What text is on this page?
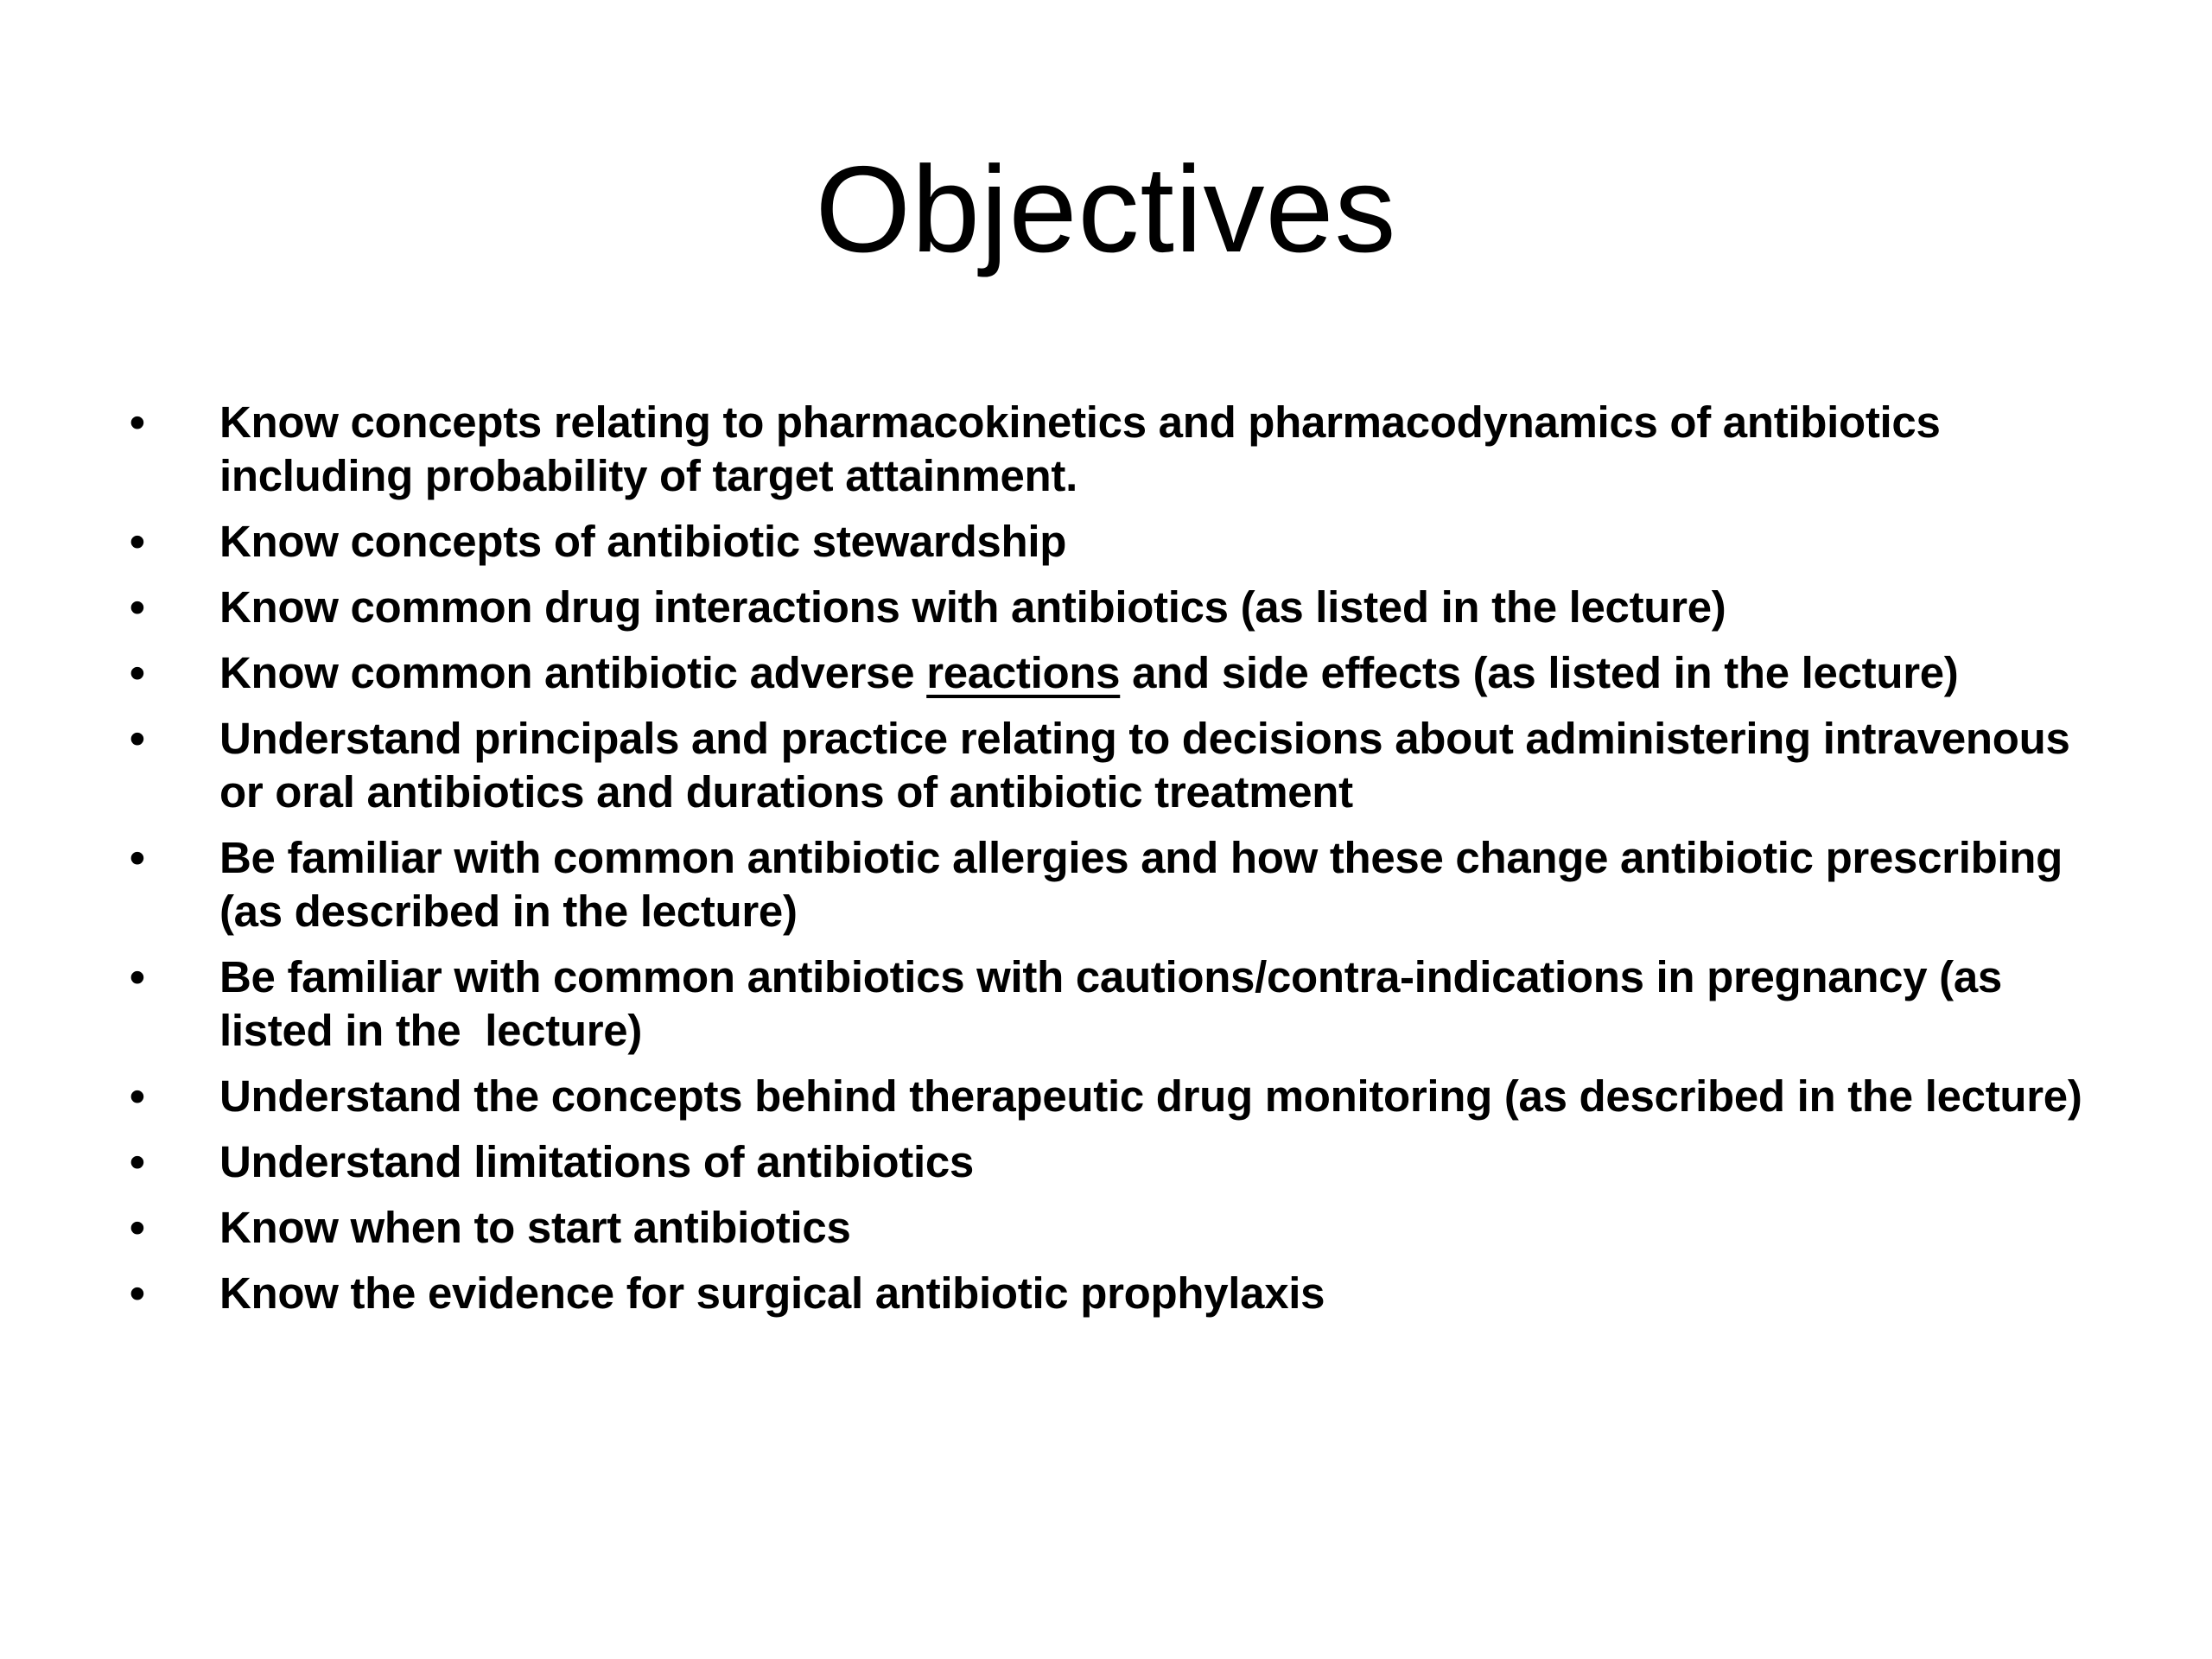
Objectives
•	Know concepts relating to pharmacokinetics and pharmacodynamics of antibiotics including probability of target attainment.
•	Know concepts of antibiotic stewardship
•	Know common drug interactions with antibiotics (as listed in the lecture)
•	Know common antibiotic adverse reactions and side effects (as listed in the lecture)
•	Understand principals and practice relating to decisions about administering intravenous or oral antibiotics and durations of antibiotic treatment
•	Be familiar with common antibiotic allergies and how these change antibiotic prescribing (as described in the lecture)
•	Be familiar with common antibiotics with cautions/contra-indications in pregnancy (as listed in the  lecture)
•	Understand the concepts behind therapeutic drug monitoring (as described in the lecture)
•	Understand limitations of antibiotics
•	Know when to start antibiotics
•	Know the evidence for surgical antibiotic prophylaxis
